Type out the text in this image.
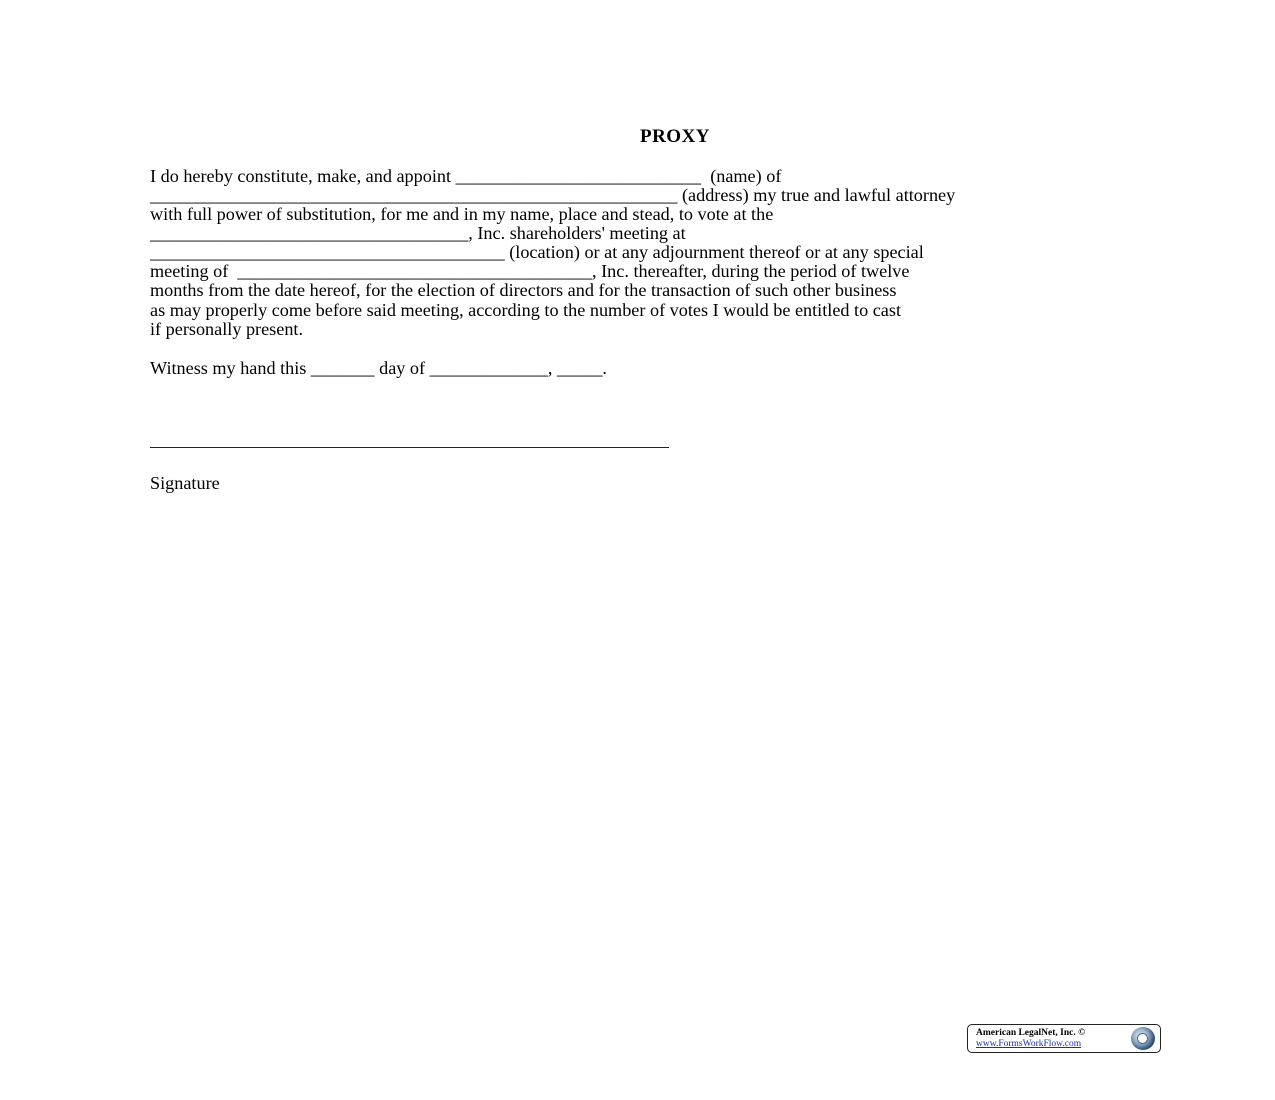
PROXY
I do hereby constitute, make, and appoint ___________________________  (name) of
__________________________________________________________ (address) my true and lawful attorney
with full power of substitution, for me and in my name, place and stead, to vote at the
___________________________________, Inc. shareholders' meeting at
_______________________________________ (location) or at any adjournment thereof or at any special
meeting of  _______________________________________, Inc. thereafter, during the period of twelve
months from the date hereof, for the election of directors and for the transaction of such other business
as may properly come before said meeting, according to the number of votes I would be entitled to cast
if personally present.
Witness my hand this _______ day of _____________, _____.
Signature
American LegalNet, Inc. ©
www.FormsWorkFlow.com
